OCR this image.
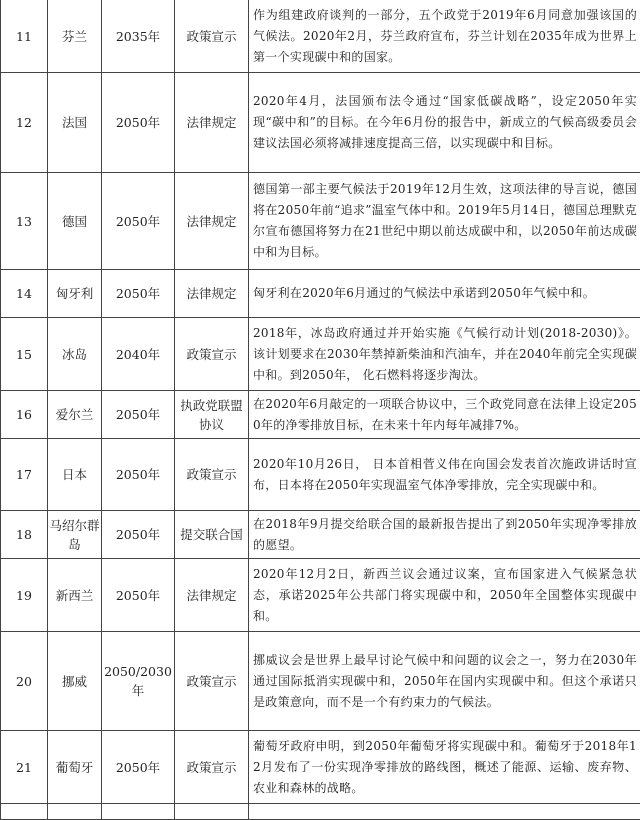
11	芬兰	2035年	政策宣示	作为组建政府谈判的一部分，五个政党于2019年6月同意加强该国的气候法。2020年2月，芬兰政府宣布，芬兰计划在2035年成为世界上第一个实现碳中和的国家。
12	法国	2050年	法律规定	2020年4月，法国颁布法令通过“国家低碳战略”，设定2050年实现“碳中和”的目标。在今年6月份的报告中，新成立的气候高级委员会建议法国必须将减排速度提高三倍，以实现碳中和目标。
13	德国	2050年	法律规定	德国第一部主要气候法于2019年12月生效，这项法律的导言说，德国将在2050年前“追求”温室气体中和。2019年5月14日，德国总理默克尔宣布德国将努力在21世纪中期以前达成碳中和，以2050年前达成碳中和为目标。
14	匈牙利	2050年	法律规定	匈牙利在2020年6月通过的气候法中承诺到2050年气候中和。
15	冰岛	2040年	政策宣示	2018年，冰岛政府通过并开始实施《气候行动计划(2018-2030)》。该计划要求在2030年禁掉新柴油和汽油车，并在2040年前完全实现碳中和。到2050年， 化石燃料将逐步淘汰。
16	爱尔兰	2050年	执政党联盟协议	在2020年6月敲定的一项联合协议中，三个政党同意在法律上设定2050年的净零排放目标，在未来十年内每年减排7%。
17	日本	2050年	政策宣示	2020年10月26日， 日本首相菅义伟在向国会发表首次施政讲话时宣布，日本将在2050年实现温室气体净零排放，完全实现碳中和。
18	马绍尔群岛	2050年	提交联合国	在2018年9月提交给联合国的最新报告提出了到2050年实现净零排放的愿望。
19	新西兰	2050年	法律规定	2020年12月2日，新西兰议会通过议案，宣布国家进入气候紧急状态，承诺2025年公共部门将实现碳中和，2050年全国整体实现碳中和。
20	挪威	2050/2030年	政策宣示	挪威议会是世界上最早讨论气候中和问题的议会之一，努力在2030年通过国际抵消实现碳中和，2050年在国内实现碳中和。但这个承诺只是政策意向，而不是一个有约束力的气候法。
21	葡萄牙	2050年	政策宣示	葡萄牙政府申明，到2050年葡萄牙将实现碳中和。葡萄牙于2018年12月发布了一份实现净零排放的路线图，概述了能源、运输、废弃物、农业和森林的战略。
